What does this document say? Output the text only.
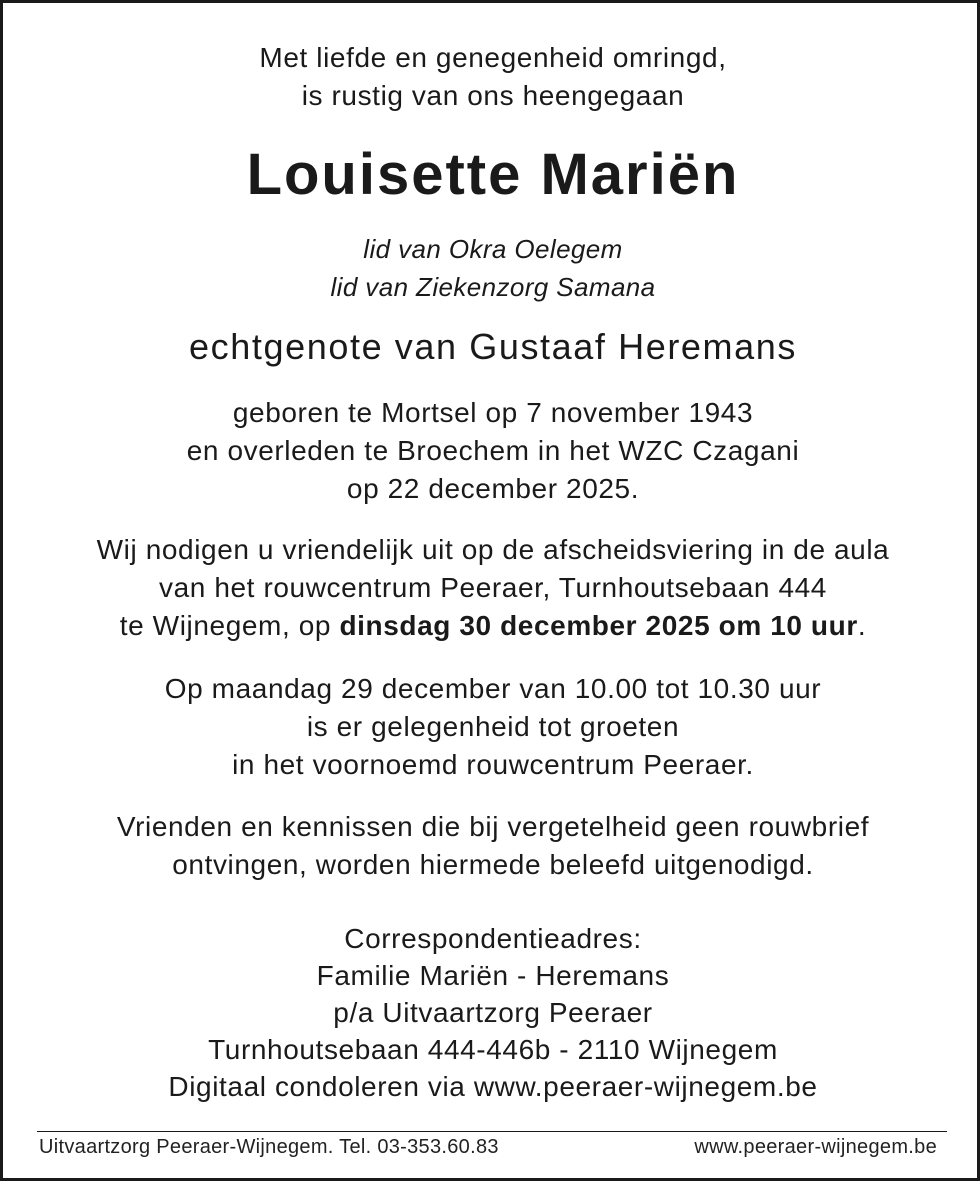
Met liefde en genegenheid omringd,
is rustig van ons heengegaan
Louisette Mariën
lid van Okra Oelegem
lid van Ziekenzorg Samana
echtgenote van Gustaaf Heremans
geboren te Mortsel op 7 november 1943
en overleden te Broechem in het WZC Czagani
op 22 december 2025.
Wij nodigen u vriendelijk uit op de afscheidsviering in de aula
van het rouwcentrum Peeraer, Turnhoutsebaan 444
te Wijnegem, op dinsdag 30 december 2025 om 10 uur.
Op maandag 29 december van 10.00 tot 10.30 uur
is er gelegenheid tot groeten
in het voornoemd rouwcentrum Peeraer.
Vrienden en kennissen die bij vergetelheid geen rouwbrief
ontvingen, worden hiermede beleefd uitgenodigd.
Correspondentieadres:
Familie Mariën - Heremans
p/a Uitvaartzorg Peeraer
Turnhoutsebaan 444-446b - 2110 Wijnegem
Digitaal condoleren via www.peeraer-wijnegem.be
Uitvaartzorg Peeraer-Wijnegem. Tel. 03-353.60.83	www.peeraer-wijnegem.be
